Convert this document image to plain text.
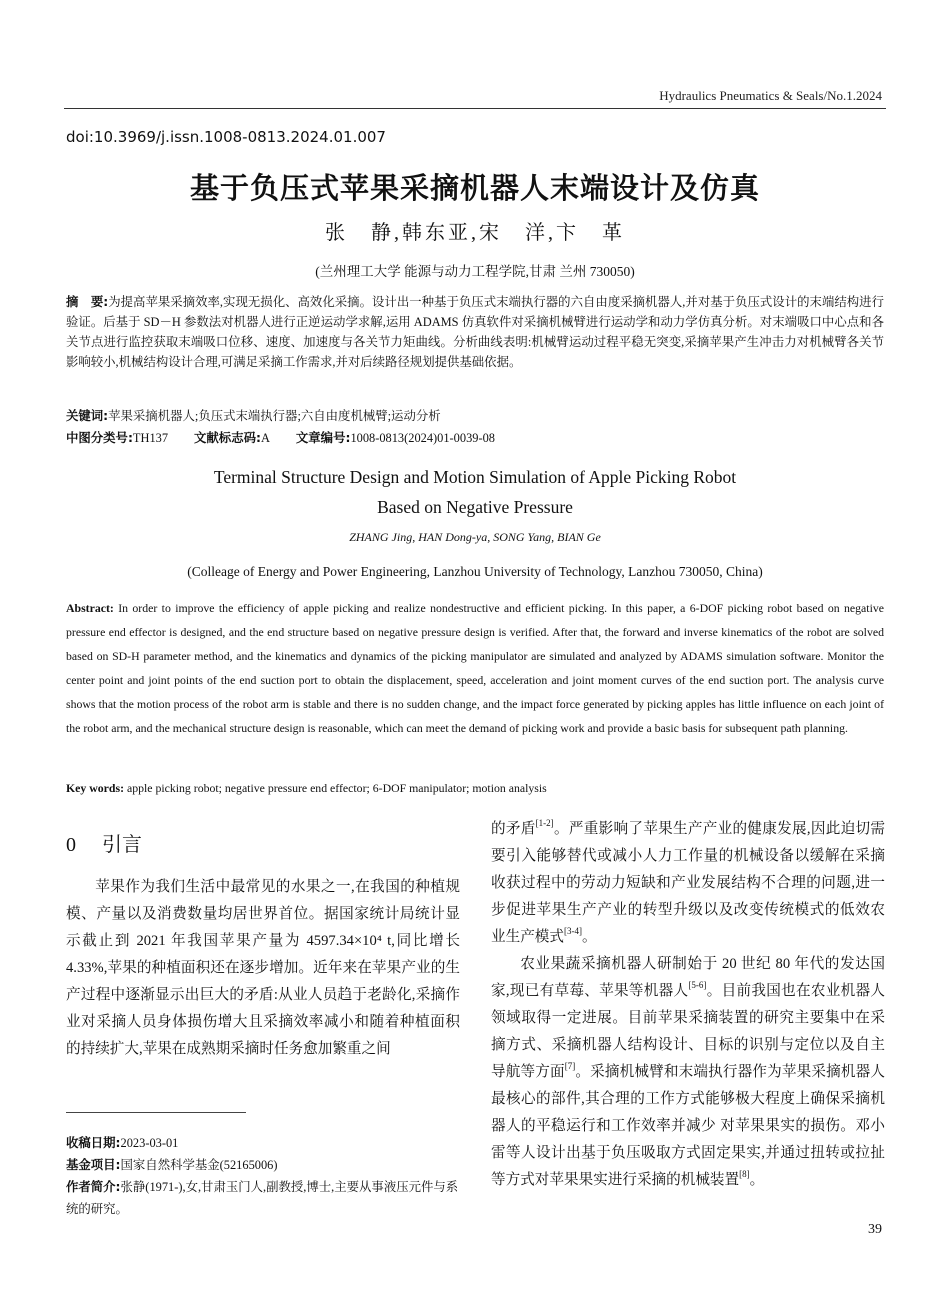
Hydraulics Pneumatics & Seals/No.1.2024
doi:10.3969/j.issn.1008-0813.2024.01.007
基于负压式苹果采摘机器人末端设计及仿真
张　静,韩东亚,宋　洋,卞　革
(兰州理工大学 能源与动力工程学院,甘肃 兰州 730050)
摘　要:为提高苹果采摘效率,实现无损化、高效化采摘。设计出一种基于负压式末端执行器的六自由度采摘机器人,并对基于负压式设计的末端结构进行验证。后基于 SD－H 参数法对机器人进行正逆运动学求解,运用 ADAMS 仿真软件对采摘机械臂进行运动学和动力学仿真分析。对末端吸口中心点和各关节点进行监控获取末端吸口位移、速度、加速度与各关节力矩曲线。分析曲线表明:机械臂运动过程平稳无突变,采摘苹果产生冲击力对机械臂各关节影响较小,机械结构设计合理,可满足采摘工作需求,并对后续路径规划提供基础依据。
关键词:苹果采摘机器人;负压式末端执行器;六自由度机械臂;运动分析
中图分类号:TH137 文献标志码:A 文章编号:1008-0813(2024)01-0039-08
Terminal Structure Design and Motion Simulation of Apple Picking Robot
Based on Negative Pressure
ZHANG Jing, HAN Dong-ya, SONG Yang, BIAN Ge
(Colleage of Energy and Power Engineering, Lanzhou University of Technology, Lanzhou 730050, China)

Abstract: In order to improve the efficiency of apple picking and realize nondestructive and efficient picking. In this paper, a 6-DOF picking robot based on negative pressure end effector is designed, and the end structure based on negative pressure design is verified. After that, the forward and inverse kinematics of the robot are solved based on SD-H parameter method, and the kinematics and dynamics of the picking manipulator are simulated and analyzed by ADAMS simulation software. Monitor the center point and joint points of the end suction port to obtain the displacement, speed, acceleration and joint moment curves of the end suction port. The analysis curve shows that the motion process of the robot arm is stable and there is no sudden change, and the impact force generated by picking apples has little influence on each joint of the robot arm, and the mechanical structure design is reasonable, which can meet the demand of picking work and provide a basic basis for subsequent path planning.

Key words: apple picking robot; negative pressure end effector; 6-DOF manipulator; motion analysis
0 引言

苹果作为我们生活中最常见的水果之一,在我国的种植规模、产量以及消费数量均居世界首位。据国家统计局统计显示截止到 2021 年我国苹果产量为 4597.34×10⁴ t,同比增长 4.33%,苹果的种植面积还在逐步增加。近年来在苹果产业的生产过程中逐渐显示出巨大的矛盾:从业人员趋于老龄化,采摘作业对采摘人员身体损伤增大且采摘效率减小和随着种植面积的持续扩大,苹果在成熟期采摘时任务愈加繁重之间

的矛盾[1-2]。严重影响了苹果生产产业的健康发展,因此迫切需要引入能够替代或减小人力工作量的机械设备以缓解在采摘收获过程中的劳动力短缺和产业发展结构不合理的问题,进一步促进苹果生产产业的转型升级以及改变传统模式的低效农业生产模式[3-4]。

农业果蔬采摘机器人研制始于 20 世纪 80 年代的发达国家,现已有草莓、苹果等机器人[5-6]。目前我国也在农业机器人领域取得一定进展。目前苹果采摘装置的研究主要集中在采摘方式、采摘机器人结构设计、目标的识别与定位以及自主导航等方面[7]。采摘机械臂和末端执行器作为苹果采摘机器人最核心的部件,其合理的工作方式能够极大程度上确保采摘机器人的平稳运行和工作效率并减少 对苹果果实的损伤。邓小雷等人设计出基于负压吸取方式固定果实,并通过扭转或拉扯等方式对苹果果实进行采摘的机械装置[8]。

收稿日期:2023-03-01

基金项目:国家自然科学基金(52165006)

作者简介:张静(1971-),女,甘肃玉门人,副教授,博士,主要从事液压元件与系统的研究。

39
